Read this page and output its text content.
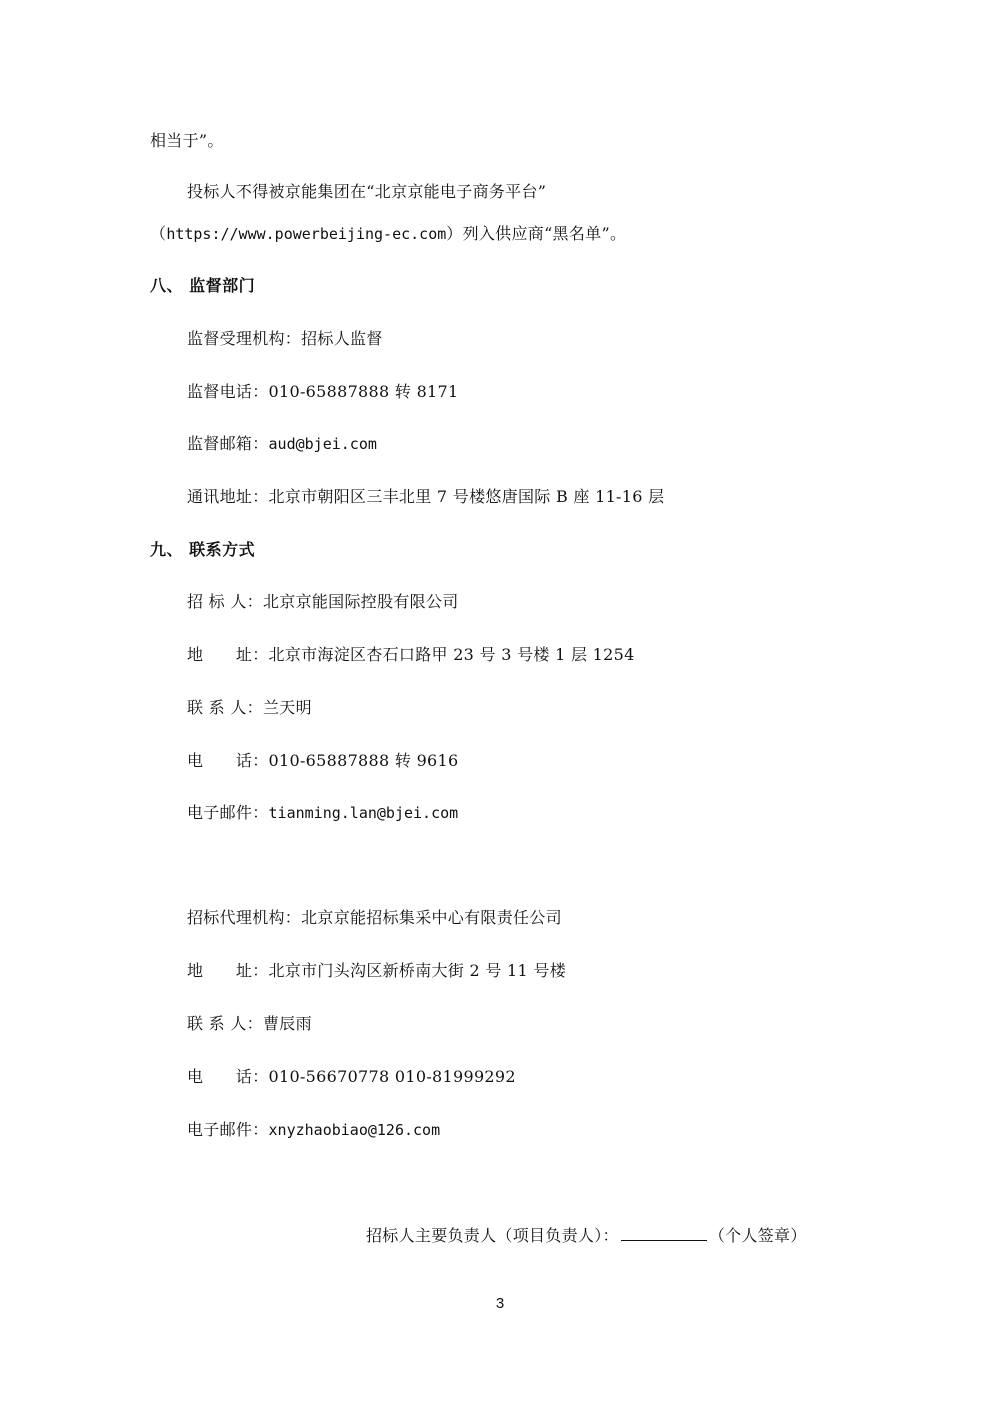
相当于”。
投标人不得被京能集团在“北京京能电子商务平台”
（https://www.powerbeijing-ec.com）列入供应商“黑名单”。
八、 监督部门
监督受理机构：招标人监督
监督电话：010-65887888 转 8171
监督邮箱：aud@bjei.com
通讯地址：北京市朝阳区三丰北里 7 号楼悠唐国际 B 座 11-16 层
九、 联系方式
招 标 人：北京京能国际控股有限公司
地　　址：北京市海淀区杏石口路甲 23 号 3 号楼 1 层 1254
联 系 人：兰天明
电　　话：010-65887888 转 9616
电子邮件：tianming.lan@bjei.com
招标代理机构：北京京能招标集采中心有限责任公司
地　　址：北京市门头沟区新桥南大街 2 号 11 号楼
联 系 人：曹辰雨
电　　话：010-56670778 010-81999292
电子邮件：xnyzhaobiao@126.com
招标人主要负责人（项目负责人）：	（个人签章）
3
